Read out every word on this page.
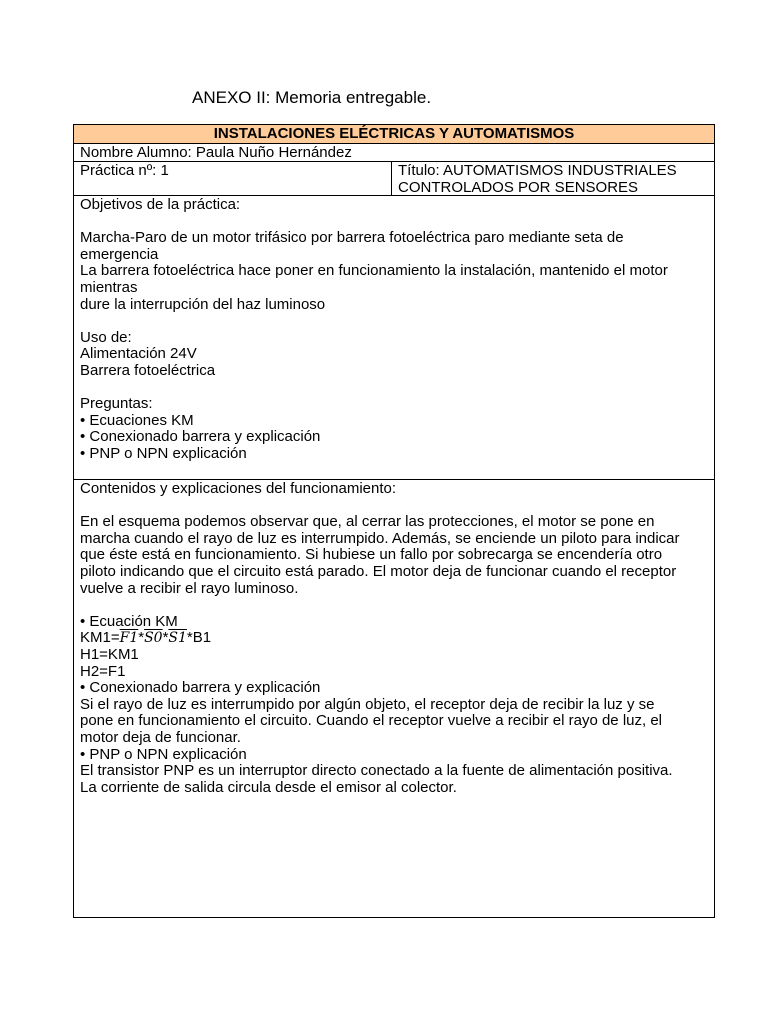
ANEXO II: Memoria entregable.
INSTALACIONES ELÉCTRICAS Y AUTOMATISMOS
Nombre Alumno: Paula Nuño Hernández
Práctica nº: 1	Título: AUTOMATISMOS INDUSTRIALES
CONTROLADOS POR SENSORES
Objetivos de la práctica:
Marcha-Paro de un motor trifásico por barrera fotoeléctrica paro mediante seta de
emergencia
La barrera fotoeléctrica hace poner en funcionamiento la instalación, mantenido el motor
mientras
dure la interrupción del haz luminoso
Uso de:
Alimentación 24V
Barrera fotoeléctrica
Preguntas:
• Ecuaciones KM
• Conexionado barrera y explicación
• PNP o NPN explicación
Contenidos y explicaciones del funcionamiento:
En el esquema podemos observar que, al cerrar las protecciones, el motor se pone en
marcha cuando el rayo de luz es interrumpido. Además, se enciende un piloto para indicar
que éste está en funcionamiento. Si hubiese un fallo por sobrecarga se encendería otro
piloto indicando que el circuito está parado. El motor deja de funcionar cuando el receptor
vuelve a recibir el rayo luminoso.
• Ecuación KM
KM1=F1*S0*S1*B1
H1=KM1
H2=F1
• Conexionado barrera y explicación
Si el rayo de luz es interrumpido por algún objeto, el receptor deja de recibir la luz y se
pone en funcionamiento el circuito. Cuando el receptor vuelve a recibir el rayo de luz, el
motor deja de funcionar.
• PNP o NPN explicación
El transistor PNP es un interruptor directo conectado a la fuente de alimentación positiva.
La corriente de salida circula desde el emisor al colector.
